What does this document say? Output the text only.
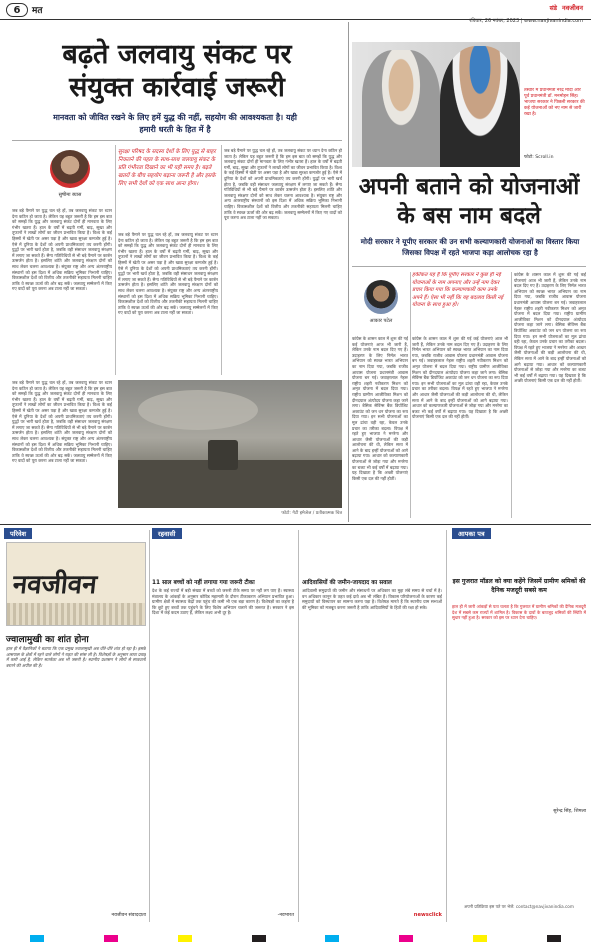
6	मत	संडे नवजीवन
रविवार, 26 नवंबर, 2023 | www.navjivanindia.com
बढ़ते जलवायु संकट पर
संयुक्त कार्रवाई जरूरी
मानवता को जीवित रखने के लिए हमें युद्ध की नहीं, सहयोग की आवश्यकता है। यही हमारी धरती के हित में है
सुषीमा ब्यास
सुरक्षा परिषद के सदस्य देशों के लिए युद्ध से बाहर निकलने की पहल के साथ-साथ जलवायु संकट के प्रति गंभीरता दिखाने का भी यही समय है। बढ़ते खतरों के बीच सहयोग बढ़ाना जरूरी है और इसके लिए सभी देशों को एक साथ आना होगा।
जब बड़े पैमाने पर युद्ध चल रहे हों, तब जलवायु संकट पर ध्यान देना कठिन हो जाता है। लेकिन यह बहुत जरूरी है कि हम इस बात को समझें कि युद्ध और जलवायु संकट दोनों ही मानवता के लिए गंभीर खतरा हैं। हाल के वर्षों में बढ़ती गर्मी, बाढ़, सूखा और तूफानों ने लाखों लोगों का जीवन प्रभावित किया है। विश्व के कई हिस्सों में खेती पर असर पड़ा है और खाद्य सुरक्षा कमजोर हुई है। ऐसे में दुनिया के देशों को अपनी प्राथमिकताएं तय करनी होंगी। युद्धों पर भारी खर्च होता है, जबकि वही संसाधन जलवायु संरक्षण में लगाए जा सकते हैं। सैन्य गतिविधियों से भी बड़े पैमाने पर कार्बन उत्सर्जन होता है। इसलिए शांति और जलवायु संरक्षण दोनों को साथ लेकर चलना आवश्यक है। संयुक्त राष्ट्र और अन्य अंतरराष्ट्रीय संस्थानों को इस दिशा में अधिक सक्रिय भूमिका निभानी चाहिए। विकासशील देशों को वित्तीय और तकनीकी सहायता मिलनी चाहिए ताकि वे स्वच्छ ऊर्जा की ओर बढ़ सकें। जलवायु सम्मेलनों में किए गए वादों को पूरा करना अब टाला नहीं जा सकता।
जब बड़े पैमाने पर युद्ध चल रहे हों, तब जलवायु संकट पर ध्यान देना कठिन हो जाता है। लेकिन यह बहुत जरूरी है कि हम इस बात को समझें कि युद्ध और जलवायु संकट दोनों ही मानवता के लिए गंभीर खतरा हैं। हाल के वर्षों में बढ़ती गर्मी, बाढ़, सूखा और तूफानों ने लाखों लोगों का जीवन प्रभावित किया है। विश्व के कई हिस्सों में खेती पर असर पड़ा है और खाद्य सुरक्षा कमजोर हुई है। ऐसे में दुनिया के देशों को अपनी प्राथमिकताएं तय करनी होंगी। युद्धों पर भारी खर्च होता है, जबकि वही संसाधन जलवायु संरक्षण में लगाए जा सकते हैं। सैन्य गतिविधियों से भी बड़े पैमाने पर कार्बन उत्सर्जन होता है। इसलिए शांति और जलवायु संरक्षण दोनों को साथ लेकर चलना आवश्यक है। संयुक्त राष्ट्र और अन्य अंतरराष्ट्रीय संस्थानों को इस दिशा में अधिक सक्रिय भूमिका निभानी चाहिए। विकासशील देशों को वित्तीय और तकनीकी सहायता मिलनी चाहिए ताकि वे स्वच्छ ऊर्जा की ओर बढ़ सकें। जलवायु सम्मेलनों में किए गए वादों को पूरा करना अब टाला नहीं जा सकता।
जब बड़े पैमाने पर युद्ध चल रहे हों, तब जलवायु संकट पर ध्यान देना कठिन हो जाता है। लेकिन यह बहुत जरूरी है कि हम इस बात को समझें कि युद्ध और जलवायु संकट दोनों ही मानवता के लिए गंभीर खतरा हैं। हाल के वर्षों में बढ़ती गर्मी, बाढ़, सूखा और तूफानों ने लाखों लोगों का जीवन प्रभावित किया है। विश्व के कई हिस्सों में खेती पर असर पड़ा है और खाद्य सुरक्षा कमजोर हुई है। ऐसे में दुनिया के देशों को अपनी प्राथमिकताएं तय करनी होंगी। युद्धों पर भारी खर्च होता है, जबकि वही संसाधन जलवायु संरक्षण में लगाए जा सकते हैं। सैन्य गतिविधियों से भी बड़े पैमाने पर कार्बन उत्सर्जन होता है। इसलिए शांति और जलवायु संरक्षण दोनों को साथ लेकर चलना आवश्यक है। संयुक्त राष्ट्र और अन्य अंतरराष्ट्रीय संस्थानों को इस दिशा में अधिक सक्रिय भूमिका निभानी चाहिए। विकासशील देशों को वित्तीय और तकनीकी सहायता मिलनी चाहिए ताकि वे स्वच्छ ऊर्जा की ओर बढ़ सकें। जलवायु सम्मेलनों में किए गए वादों को पूरा करना अब टाला नहीं जा सकता।
जब बड़े पैमाने पर युद्ध चल रहे हों, तब जलवायु संकट पर ध्यान देना कठिन हो जाता है। लेकिन यह बहुत जरूरी है कि हम इस बात को समझें कि युद्ध और जलवायु संकट दोनों ही मानवता के लिए गंभीर खतरा हैं। हाल के वर्षों में बढ़ती गर्मी, बाढ़, सूखा और तूफानों ने लाखों लोगों का जीवन प्रभावित किया है। विश्व के कई हिस्सों में खेती पर असर पड़ा है और खाद्य सुरक्षा कमजोर हुई है। ऐसे में दुनिया के देशों को अपनी प्राथमिकताएं तय करनी होंगी। युद्धों पर भारी खर्च होता है, जबकि वही संसाधन जलवायु संरक्षण में लगाए जा सकते हैं। सैन्य गतिविधियों से भी बड़े पैमाने पर कार्बन उत्सर्जन होता है। इसलिए शांति और जलवायु संरक्षण दोनों को साथ लेकर चलना आवश्यक है। संयुक्त राष्ट्र और अन्य अंतरराष्ट्रीय संस्थानों को इस दिशा में अधिक सक्रिय भूमिका निभानी चाहिए। विकासशील देशों को वित्तीय और तकनीकी सहायता मिलनी चाहिए ताकि वे स्वच्छ ऊर्जा की ओर बढ़ सकें। जलवायु सम्मेलनों में किए गए वादों को पूरा करना अब टाला नहीं जा सकता।
फोटो: गेटी इमेजेज / प्रतीकात्मक चित्र
तस्वीर में प्रधानमंत्री नरेंद्र मोदी और पूर्व प्रधानमंत्री डॉ. मनमोहन सिंह। भाजपा सरकार ने पिछली सरकार की कई योजनाओं को नए नाम से जारी रखा है।
फोटो: Scroll.in
अपनी बताने को योजनाओं
के बस नाम बदले
मोदी सरकार ने यूपीए सरकार की उन सभी कल्याणकारी योजनाओं का विस्तार किया जिसका विपक्ष में रहते भाजपा कड़ा आलोचक रहा है
आकार पटेल
हकीकत यह है कि यूपीए सरकार ने कुछ ही नई योजनाओं के नाम अपनाए और उन्हें नाम देकर प्रचार किया गया कि कल्याणकारी काम उनके अपने हैं। ऐसा भी नहीं कि यह बदलाव किसी नई योजना के साथ हुआ हो।
कांग्रेस के शासन काल में शुरू की गई कई योजनाएं आज भी जारी हैं, लेकिन उनके नाम बदल दिए गए हैं। उदाहरण के लिए निर्मल भारत अभियान को स्वच्छ भारत अभियान का नाम दिया गया, जबकि राजीव आवास योजना प्रधानमंत्री आवास योजना बन गई। जवाहरलाल नेहरू राष्ट्रीय शहरी नवीकरण मिशन को अमृत योजना में बदल दिया गया। राष्ट्रीय ग्रामीण आजीविका मिशन को दीनदयाल अंत्योदय योजना कहा जाने लगा। बेसिक सेविंग्स बैंक डिपॉजिट अकाउंट को जन धन योजना का रूप दिया गया। इन सभी योजनाओं का मूल ढांचा वही रहा, केवल उनके प्रचार का तरीका बदला। विपक्ष में रहते हुए भाजपा ने मनरेगा और आधार जैसी योजनाओं की कड़ी आलोचना की थी, लेकिन सत्ता में आने के बाद इन्हीं योजनाओं को आगे बढ़ाया गया। आधार को कल्याणकारी योजनाओं से जोड़ा गया और मनरेगा का बजट भी कई वर्षों में बढ़ाया गया। यह दिखाता है कि अच्छी योजनाएं किसी एक दल की नहीं होतीं।
कांग्रेस के शासन काल में शुरू की गई कई योजनाएं आज भी जारी हैं, लेकिन उनके नाम बदल दिए गए हैं। उदाहरण के लिए निर्मल भारत अभियान को स्वच्छ भारत अभियान का नाम दिया गया, जबकि राजीव आवास योजना प्रधानमंत्री आवास योजना बन गई। जवाहरलाल नेहरू राष्ट्रीय शहरी नवीकरण मिशन को अमृत योजना में बदल दिया गया। राष्ट्रीय ग्रामीण आजीविका मिशन को दीनदयाल अंत्योदय योजना कहा जाने लगा। बेसिक सेविंग्स बैंक डिपॉजिट अकाउंट को जन धन योजना का रूप दिया गया। इन सभी योजनाओं का मूल ढांचा वही रहा, केवल उनके प्रचार का तरीका बदला। विपक्ष में रहते हुए भाजपा ने मनरेगा और आधार जैसी योजनाओं की कड़ी आलोचना की थी, लेकिन सत्ता में आने के बाद इन्हीं योजनाओं को आगे बढ़ाया गया। आधार को कल्याणकारी योजनाओं से जोड़ा गया और मनरेगा का बजट भी कई वर्षों में बढ़ाया गया। यह दिखाता है कि अच्छी योजनाएं किसी एक दल की नहीं होतीं।
कांग्रेस के शासन काल में शुरू की गई कई योजनाएं आज भी जारी हैं, लेकिन उनके नाम बदल दिए गए हैं। उदाहरण के लिए निर्मल भारत अभियान को स्वच्छ भारत अभियान का नाम दिया गया, जबकि राजीव आवास योजना प्रधानमंत्री आवास योजना बन गई। जवाहरलाल नेहरू राष्ट्रीय शहरी नवीकरण मिशन को अमृत योजना में बदल दिया गया। राष्ट्रीय ग्रामीण आजीविका मिशन को दीनदयाल अंत्योदय योजना कहा जाने लगा। बेसिक सेविंग्स बैंक डिपॉजिट अकाउंट को जन धन योजना का रूप दिया गया। इन सभी योजनाओं का मूल ढांचा वही रहा, केवल उनके प्रचार का तरीका बदला। विपक्ष में रहते हुए भाजपा ने मनरेगा और आधार जैसी योजनाओं की कड़ी आलोचना की थी, लेकिन सत्ता में आने के बाद इन्हीं योजनाओं को आगे बढ़ाया गया। आधार को कल्याणकारी योजनाओं से जोड़ा गया और मनरेगा का बजट भी कई वर्षों में बढ़ाया गया। यह दिखाता है कि अच्छी योजनाएं किसी एक दल की नहीं होतीं।
परिवेश
नवजीवन
ज्वालामुखी का शांत होना
हाल ही में वैज्ञानिकों ने बताया कि एक प्रमुख ज्वालामुखी अब धीरे-धीरे शांत हो रहा है। इसके आसपास के क्षेत्रों में रहने वाले लोगों ने राहत की सांस ली है। विशेषज्ञों के अनुसार लावा प्रवाह में कमी आई है, लेकिन सतर्कता अब भी जरूरी है। स्थानीय प्रशासन ने लोगों से सावधानी बरतने की अपील की है।
नवजीवन संवाददाता
रहवासी
11 साल बच्चों को नहीं लगाया गया जरूरी टीका
देश के कई राज्यों में बड़ी संख्या में बच्चों को जरूरी टीके समय पर नहीं लग पाए हैं। स्वास्थ्य मंत्रालय के आंकड़ों के अनुसार कोविड महामारी के दौरान टीकाकरण अभियान प्रभावित हुआ। ग्रामीण क्षेत्रों में स्वास्थ्य केंद्रों तक पहुंच की कमी भी एक बड़ा कारण है। विशेषज्ञों का कहना है कि छूटे हुए बच्चों तक पहुंचने के लिए विशेष अभियान चलाने की जरूरत है। सरकार ने इस दिशा में कई कदम उठाए हैं, लेकिन लक्ष्य अभी दूर है।
-नवभारत
आदिवासियों की जमीन-जायदाद का सवाल
आदिवासी समुदायों की जमीन और संसाधनों पर अधिकार का मुद्दा लंबे समय से चर्चा में है। वन अधिकार कानून के तहत कई दावे अब भी लंबित हैं। विकास परियोजनाओं के कारण कई समुदायों को विस्थापन का सामना करना पड़ा है। विशेषज्ञ मानते हैं कि स्थानीय ग्राम सभाओं की भूमिका को मजबूत करना जरूरी है ताकि आदिवासियों के हितों की रक्षा हो सके।
newsclick
आपका पत्र
इस गुजरात मॉडल को क्या कहेंगे जिसमें ग्रामीण श्रमिकों की दैनिक मजदूरी सबसे कम
हाल ही में जारी आंकड़ों से पता चलता है कि गुजरात में ग्रामीण श्रमिकों की दैनिक मजदूरी देश में सबसे कम राज्यों में शामिल है। विकास के दावों के बावजूद श्रमिकों की स्थिति में सुधार नहीं हुआ है। सरकार को इस पर ध्यान देना चाहिए।
सुरेन्द्र सिंह, शिमला
अपनी प्रतिक्रिया इस पते पर भेजें: contact@navjivanindia.com
